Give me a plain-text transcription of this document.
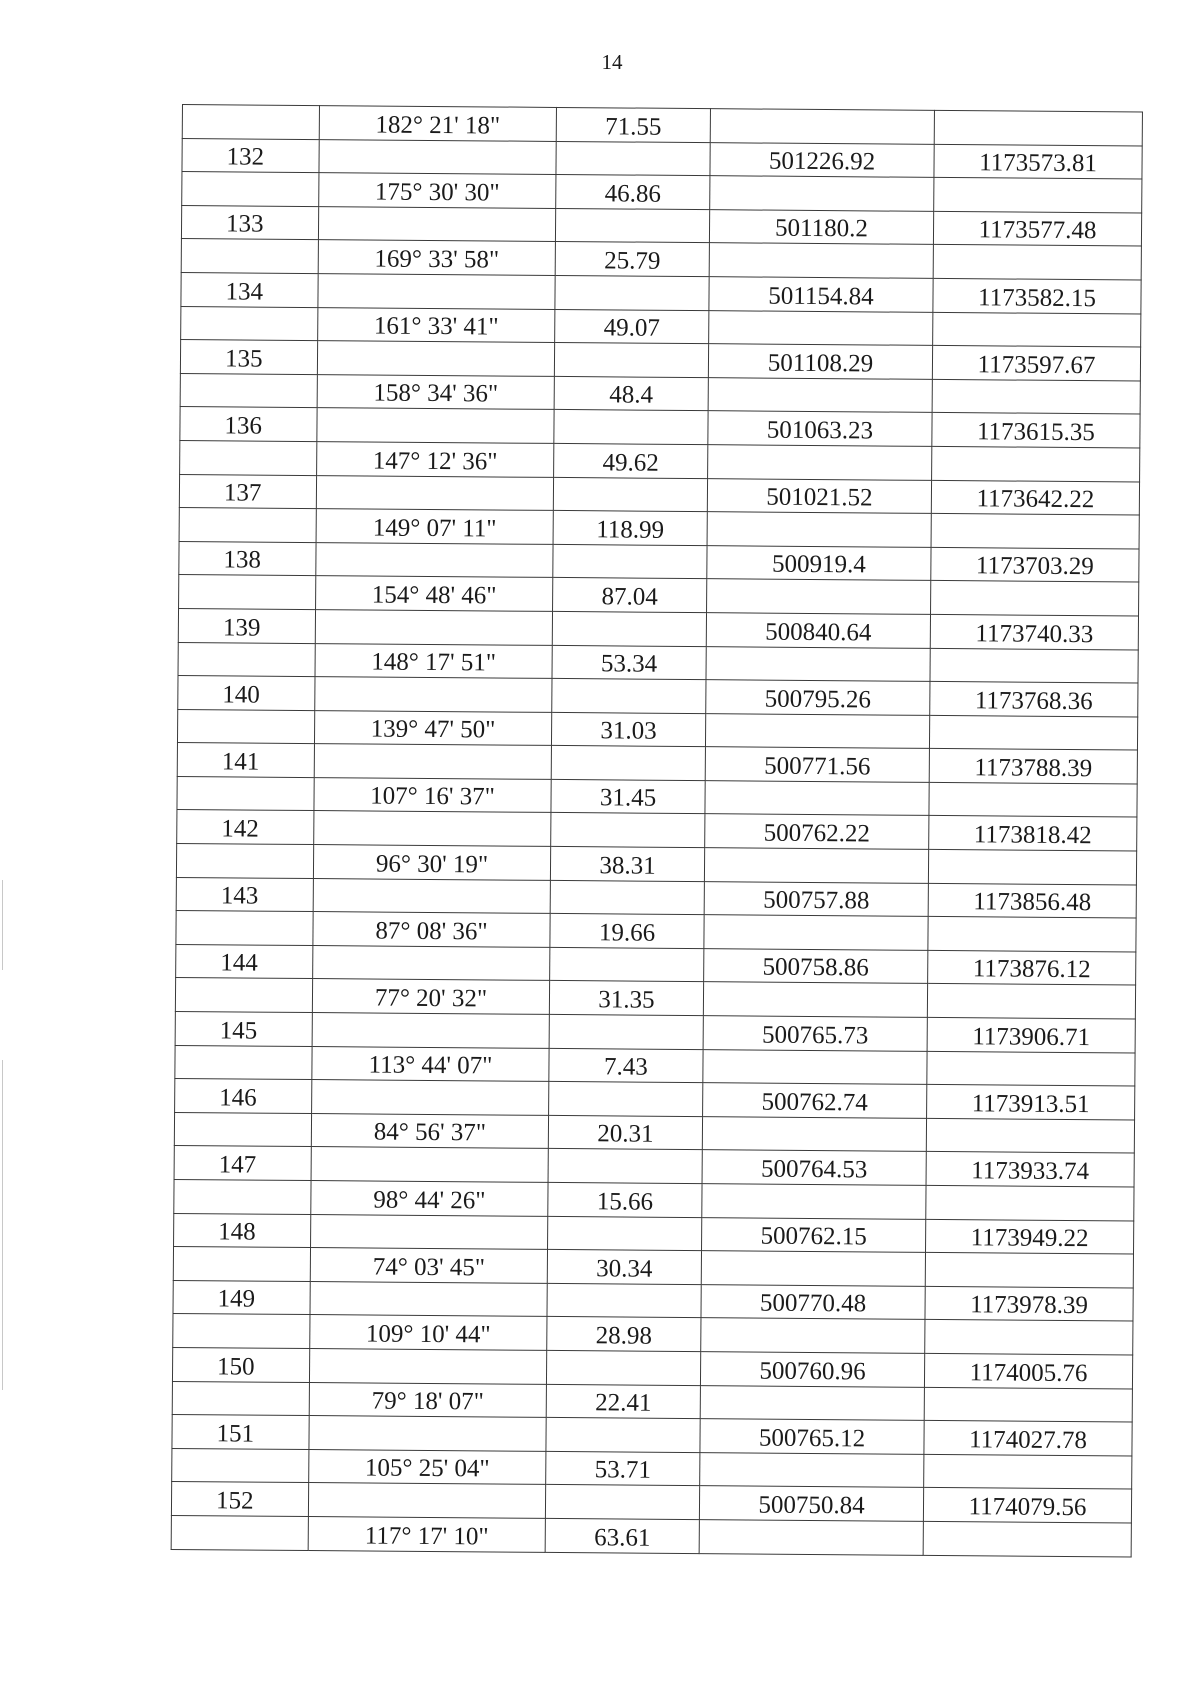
14
	182° 21' 18"	71.55		
132			501226.92	1173573.81
	175° 30' 30"	46.86		
133			501180.2	1173577.48
	169° 33' 58"	25.79		
134			501154.84	1173582.15
	161° 33' 41"	49.07		
135			501108.29	1173597.67
	158° 34' 36"	48.4		
136			501063.23	1173615.35
	147° 12' 36"	49.62		
137			501021.52	1173642.22
	149° 07' 11"	118.99		
138			500919.4	1173703.29
	154° 48' 46"	87.04		
139			500840.64	1173740.33
	148° 17' 51"	53.34		
140			500795.26	1173768.36
	139° 47' 50"	31.03		
141			500771.56	1173788.39
	107° 16' 37"	31.45		
142			500762.22	1173818.42
	96° 30' 19"	38.31		
143			500757.88	1173856.48
	87° 08' 36"	19.66		
144			500758.86	1173876.12
	77° 20' 32"	31.35		
145			500765.73	1173906.71
	113° 44' 07"	7.43		
146			500762.74	1173913.51
	84° 56' 37"	20.31		
147			500764.53	1173933.74
	98° 44' 26"	15.66		
148			500762.15	1173949.22
	74° 03' 45"	30.34		
149			500770.48	1173978.39
	109° 10' 44"	28.98		
150			500760.96	1174005.76
	79° 18' 07"	22.41		
151			500765.12	1174027.78
	105° 25' 04"	53.71		
152			500750.84	1174079.56
	117° 17' 10"	63.61		
